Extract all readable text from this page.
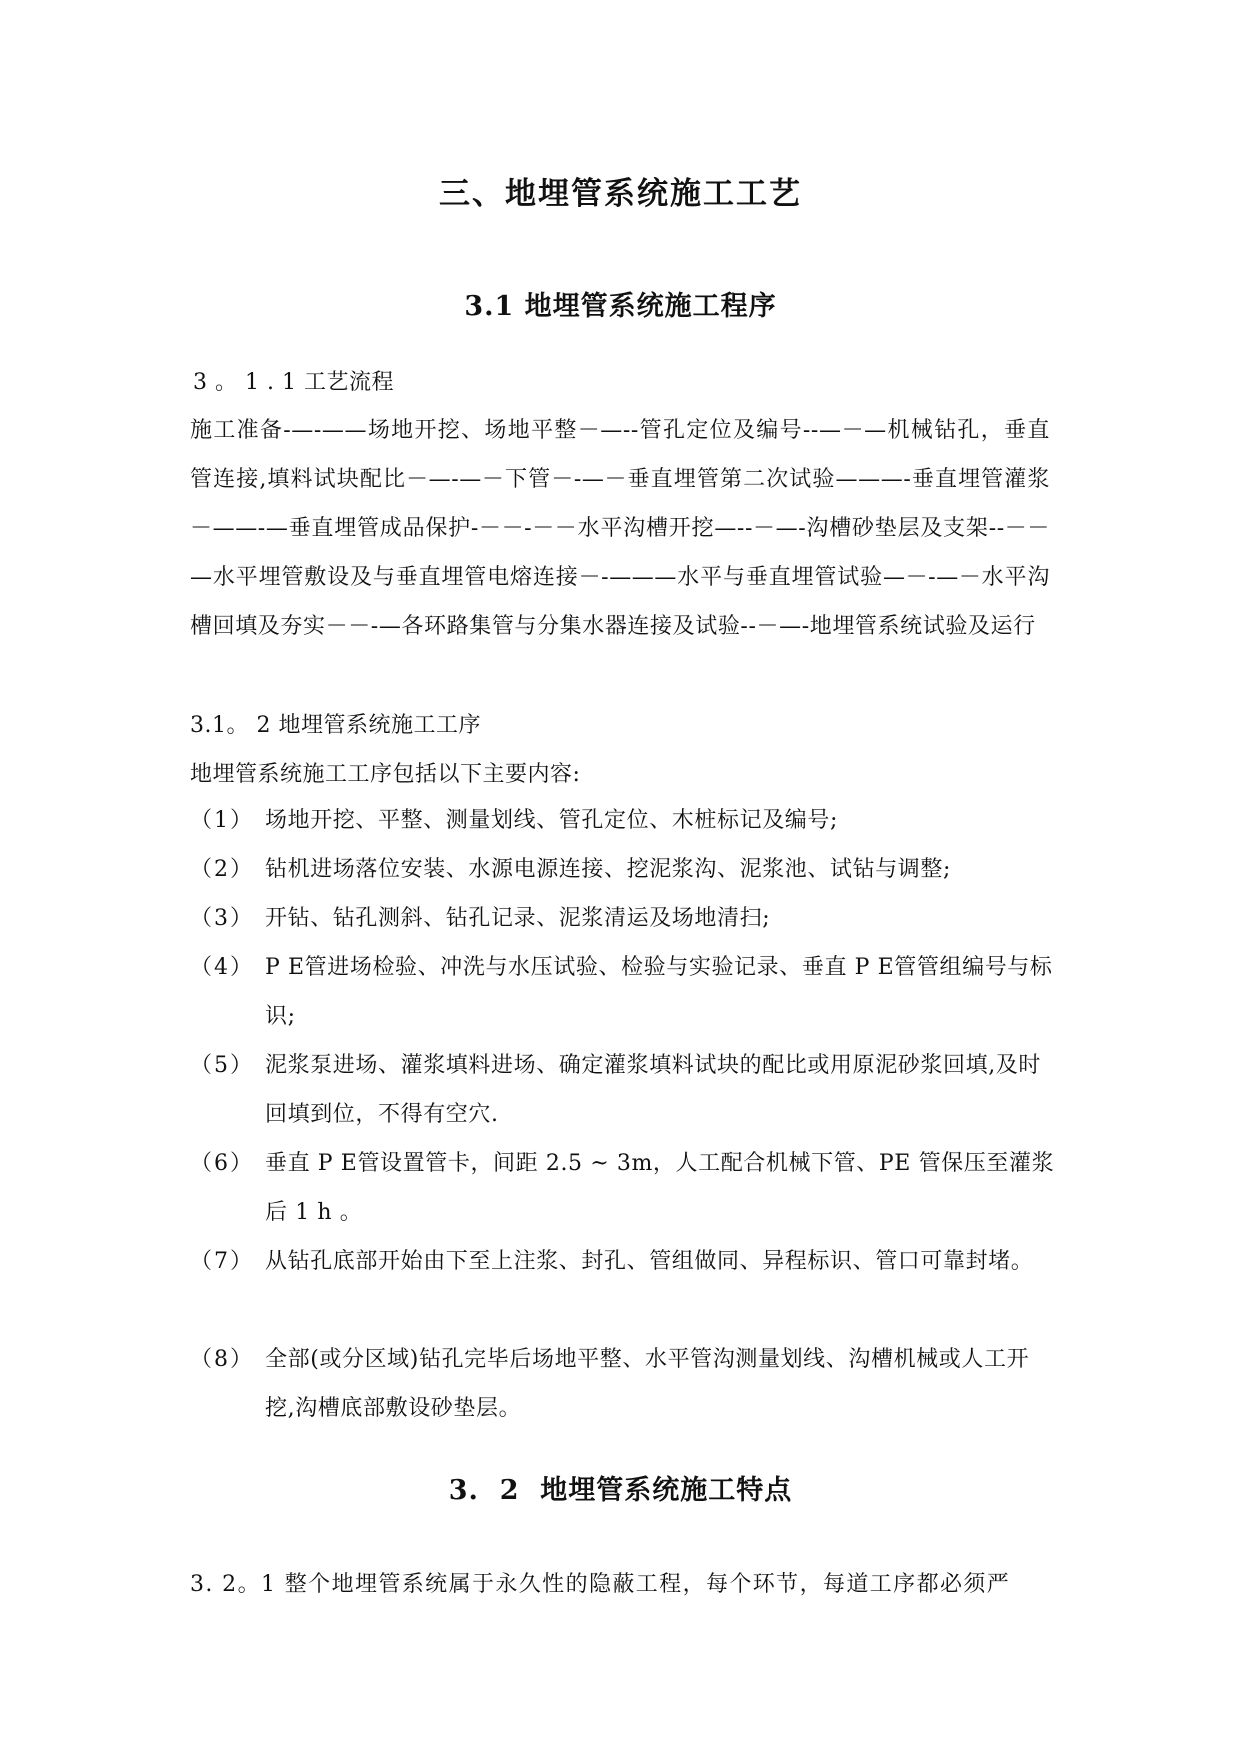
三、地埋管系统施工工艺
3.1 地埋管系统施工程序
3 。 1 . 1 工艺流程
施工准备-—-——场地开挖、场地平整－—--管孔定位及编号--—－—机械钻孔，垂直管连接,填料试块配比－—-—－下管－-—－垂直埋管第二次试验———-垂直埋管灌浆－——-—垂直埋管成品保护-－－-－－水平沟槽开挖—--－—-沟槽砂垫层及支架--－－—水平埋管敷设及与垂直埋管电熔连接－-———水平与垂直埋管试验—－-—－水平沟槽回填及夯实－－-—各环路集管与分集水器连接及试验--－—-地埋管系统试验及运行
3.1。 2 地埋管系统施工工序
地埋管系统施工工序包括以下主要内容:
（1） 场地开挖、平整、测量划线、管孔定位、木桩标记及编号;
（2） 钻机进场落位安装、水源电源连接、挖泥浆沟、泥浆池、试钻与调整;
（3） 开钻、钻孔测斜、钻孔记录、泥浆清运及场地清扫;
（4） P E管进场检验、冲洗与水压试验、检验与实验记录、垂直 P E管管组编号与标识;
（5） 泥浆泵进场、灌浆填料进场、确定灌浆填料试块的配比或用原泥砂浆回填,及时回填到位，不得有空穴.
（6） 垂直 P E管设置管卡，间距 2.5 ~ 3m，人工配合机械下管、PE 管保压至灌浆后 1 h 。
（7） 从钻孔底部开始由下至上注浆、封孔、管组做同、异程标识、管口可靠封堵。
（8） 全部(或分区域)钻孔完毕后场地平整、水平管沟测量划线、沟槽机械或人工开挖,沟槽底部敷设砂垫层。
3.  2  地埋管系统施工特点
3. 2。1 整个地埋管系统属于永久性的隐蔽工程，每个环节，每道工序都必须严
